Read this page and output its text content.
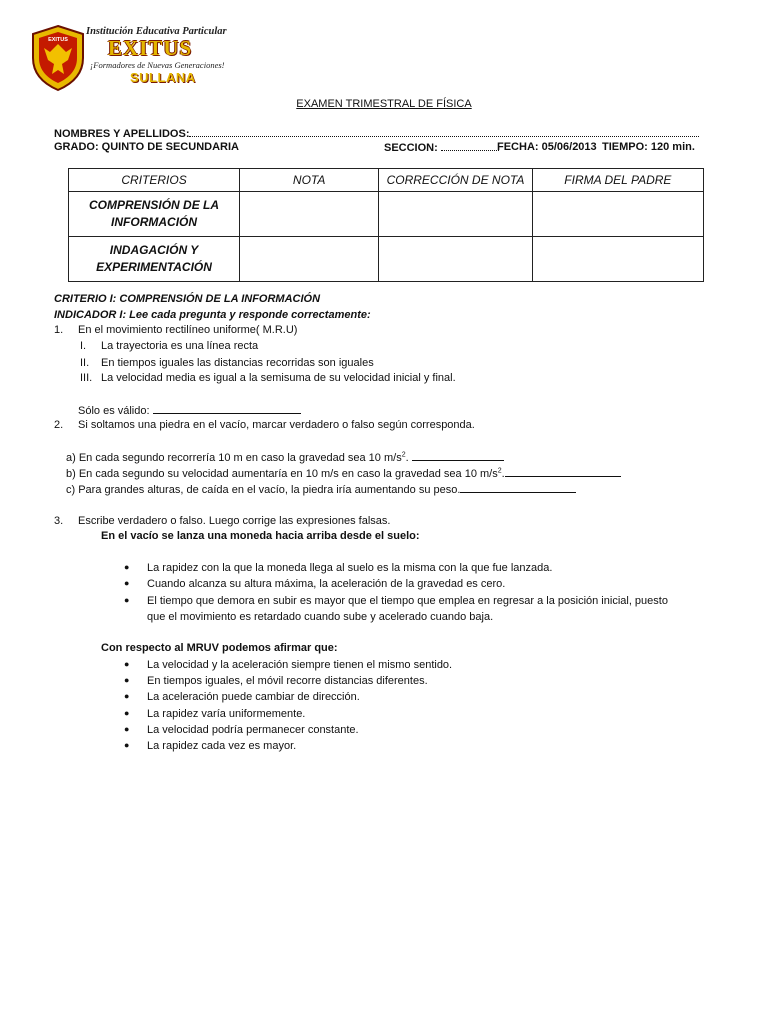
EXITUS
Institución Educativa Particular
EXITUS
¡Formadores de Nuevas Generaciones!
SULLANA
EXAMEN TRIMESTRAL DE FÍSICA
NOMBRES Y APELLIDOS:
GRADO: QUINTO DE SECUNDARIA	SECCION:	FECHA: 05/06/2013 TIEMPO: 120 min.
CRITERIOS	NOTA	CORRECCIÓN DE NOTA	FIRMA DEL PADRE
COMPRENSIÓN DE LA
INFORMACIÓN			
INDAGACIÓN Y
EXPERIMENTACIÓN			
CRITERIO I: COMPRENSIÓN DE LA INFORMACIÓN
INDICADOR I: Lee cada pregunta y responde correctamente:
1. En el movimiento rectilíneo uniforme( M.R.U)
I. La trayectoria es una línea recta
II. En tiempos iguales las distancias recorridas son iguales
III. La velocidad media es igual a la semisuma de su velocidad inicial y final.
Sólo es válido:
2. Si soltamos una piedra en el vacío, marcar verdadero o falso según corresponda.
a) En cada segundo recorrería 10 m en caso la gravedad sea 10 $m/s^2$.
b) En cada segundo su velocidad aumentaría en 10 m/s en caso la gravedad sea 10 $m/s^2$.
c) Para grandes alturas, de caída en el vacío, la piedra iría aumentando su peso.
3. Escribe verdadero o falso. Luego corrige las expresiones falsas.
En el vacío se lanza una moneda hacia arriba desde el suelo:
● La rapidez con la que la moneda llega al suelo es la misma con la que fue lanzada.
● Cuando alcanza su altura máxima, la aceleración de la gravedad es cero.
● El tiempo que demora en subir es mayor que el tiempo que emplea en regresar a la posición inicial, puesto
que el movimiento es retardado cuando sube y acelerado cuando baja.
Con respecto al MRUV podemos afirmar que:
● La velocidad y la aceleración siempre tienen el mismo sentido.
● En tiempos iguales, el móvil recorre distancias diferentes.
● La aceleración puede cambiar de dirección.
● La rapidez varía uniformemente.
● La velocidad podría permanecer constante.
● La rapidez cada vez es mayor.
